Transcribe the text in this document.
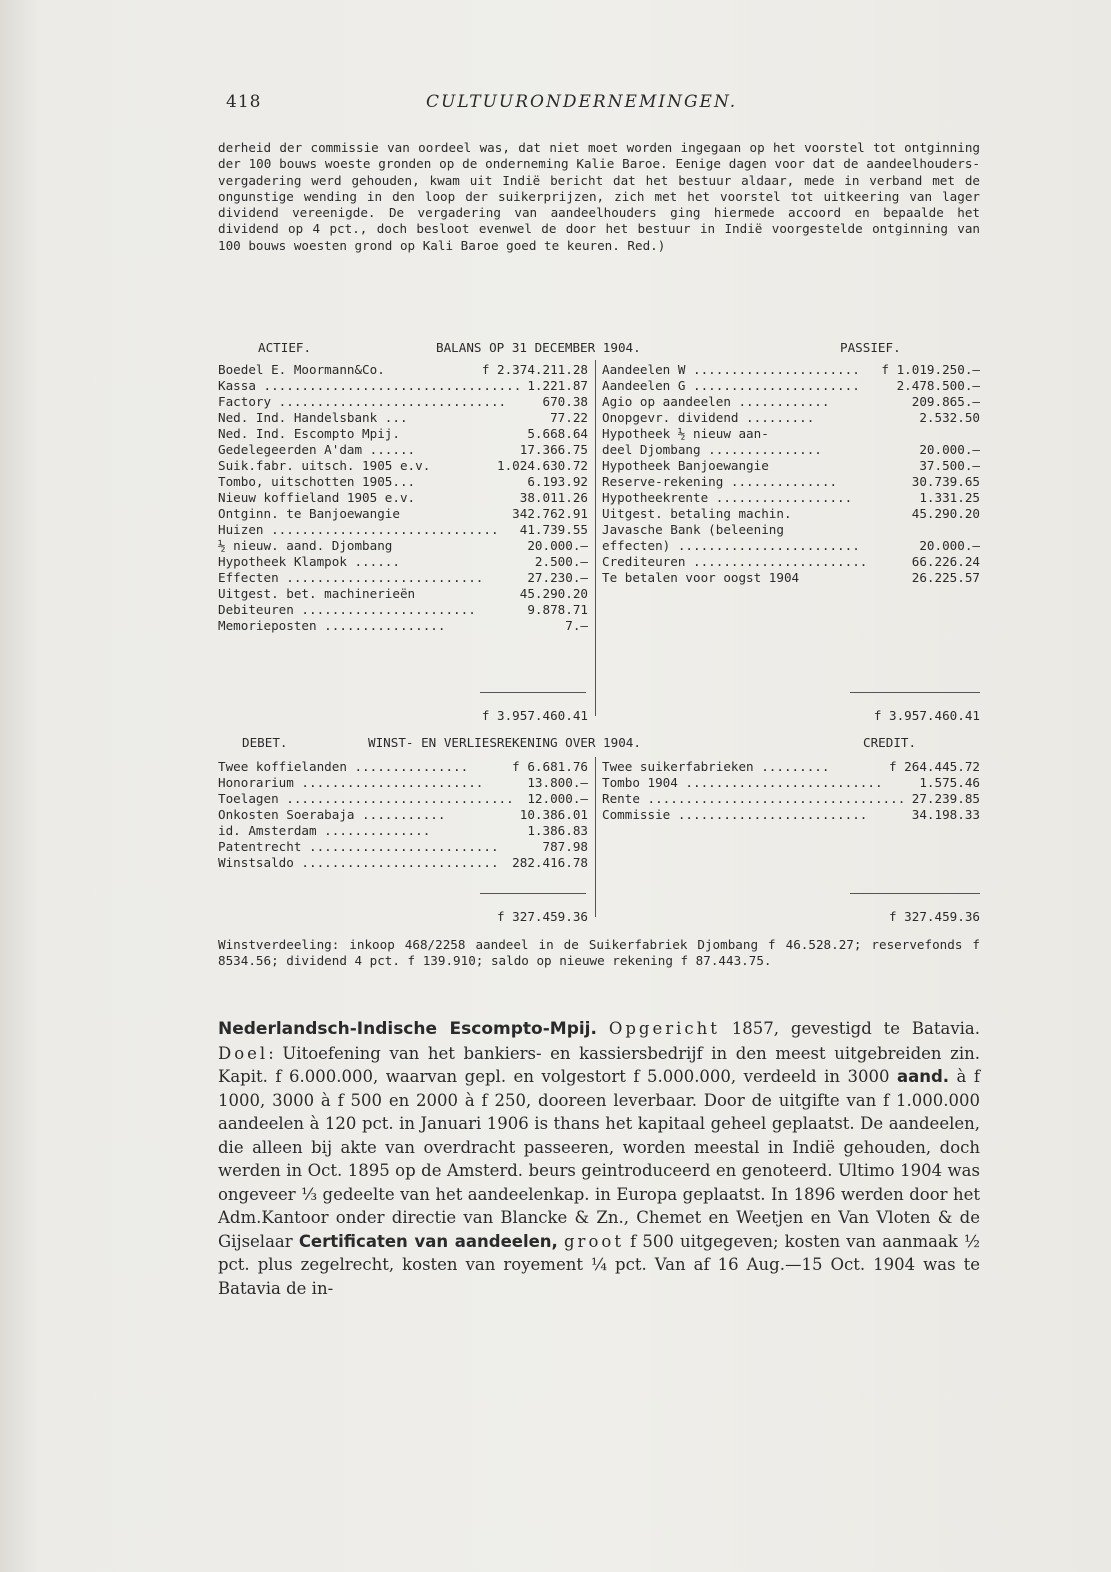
418	CULTUURONDERNEMINGEN.
derheid der commissie van oordeel was, dat niet moet worden ingegaan op het voorstel tot ontginning der 100 bouws woeste gronden op de onderneming Kalie Baroe. Eenige dagen voor dat de aandeelhouders-vergadering werd gehouden, kwam uit Indië bericht dat het bestuur aldaar, mede in verband met de ongunstige wending in den loop der suikerprijzen, zich met het voorstel tot uitkeering van lager dividend vereenigde. De vergadering van aandeelhouders ging hiermede accoord en bepaalde het dividend op 4 pct., doch besloot evenwel de door het bestuur in Indië voorgestelde ontginning van 100 bouws woesten grond op Kali Baroe goed te keuren. Red.)
ACTIEF.	BALANS OP 31 DECEMBER 1904.	PASSIEF.
Boedel E. Moormann&Co.	f 2.374.211.28
Kassa .................................. 1.221.87
Factory ..............................	670.38
Ned. Ind. Handelsbank ...	77.22
Ned. Ind. Escompto Mpij.	5.668.64
Gedelegeerden A'dam ......	17.366.75
Suik.fabr. uitsch. 1905 e.v.	1.024.630.72
Tombo, uitschotten 1905...	6.193.92
Nieuw koffieland 1905 e.v.	38.011.26
Ontginn. te Banjoewangie	342.762.91
Huizen .............................. 41.739.55
½ nieuw. aand. Djombang	20.000.—
Hypotheek Klampok ......	2.500.—
Effecten ..........................	27.230.—
Uitgest. bet. machinerieën	45.290.20
Debiteuren .......................	9.878.71
Memorieposten ................	7.—
Aandeelen W ...................... f 1.019.250.—
Aandeelen G ......................	2.478.500.—
Agio op aandeelen ............	209.865.—
Onopgevr. dividend .........	2.532.50
Hypotheek ½ nieuw aan-
deel Djombang ...............	20.000.—
Hypotheek Banjoewangie	37.500.—
Reserve-rekening ..............	30.739.65
Hypotheekrente ..................	1.331.25
Uitgest. betaling machin.	45.290.20
Javasche Bank (beleening
effecten) ........................	20.000.—
Crediteuren .......................	66.226.24
Te betalen voor oogst 1904	26.225.57
f 3.957.460.41	f 3.957.460.41
DEBET.	WINST- EN VERLIESREKENING OVER 1904.	CREDIT.
Twee koffielanden ...............	f 6.681.76
Honorarium ........................	13.800.—
Toelagen .............................. 12.000.—
Onkosten Soerabaja ...........	10.386.01
id. Amsterdam ..............	1.386.83
Patentrecht .........................	787.98
Winstsaldo .......................... 282.416.78
Twee suikerfabrieken .........	f 264.445.72
Tombo 1904 ..........................	1.575.46
Rente .................................. 27.239.85
Commissie .........................	34.198.33
f 327.459.36	f 327.459.36
Winstverdeeling: inkoop 468/2258 aandeel in de Suikerfabriek Djombang f 46.528.27; reservefonds f 8534.56; dividend 4 pct. f 139.910; saldo op nieuwe rekening f 87.443.75.
Nederlandsch-Indische Escompto-Mpij. Opgericht 1857, gevestigd te Batavia. Doel: Uitoefening van het bankiers- en kassiersbedrijf in den meest uitgebreiden zin. Kapit. f 6.000.000, waarvan gepl. en volgestort f 5.000.000, verdeeld in 3000 aand. à f 1000, 3000 à f 500 en 2000 à f 250, dooreen leverbaar. Door de uitgifte van f 1.000.000 aandeelen à 120 pct. in Januari 1906 is thans het kapitaal geheel geplaatst. De aandeelen, die alleen bij akte van overdracht passeeren, worden meestal in Indië gehouden, doch werden in Oct. 1895 op de Amsterd. beurs geintroduceerd en genoteerd. Ultimo 1904 was ongeveer ⅓ gedeelte van het aandeelenkap. in Europa geplaatst. In 1896 werden door het Adm.Kantoor onder directie van Blancke & Zn., Chemet en Weetjen en Van Vloten & de Gijselaar Certificaten van aandeelen, groot f 500 uitgegeven; kosten van aanmaak ½ pct. plus zegelrecht, kosten van royement ¼ pct. Van af 16 Aug.—15 Oct. 1904 was te Batavia de in-
